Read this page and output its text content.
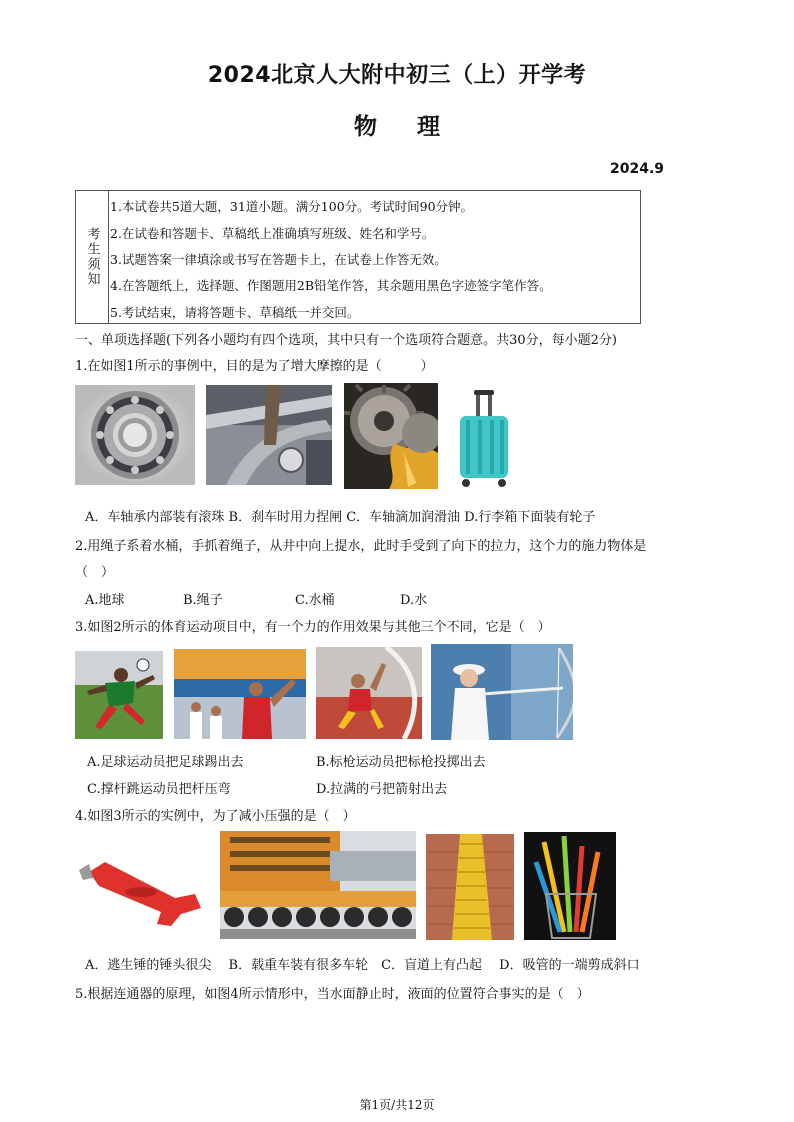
2024北京人大附中初三（上）开学考
物理
2024.9
考生须知
1.本试卷共5道大题，31道小题。满分100分。考试时间90分钟。
2.在试卷和答题卡、草稿纸上准确填写班级、姓名和学号。
3.试题答案一律填涂或书写在答题卡上，在试卷上作答无效。
4.在答题纸上，选择题、作图题用2B铅笔作答，其余题用黑色字迹签字笔作答。
5.考试结束，请将答题卡、草稿纸一并交回。
一、单项选择题(下列各小题均有四个选项，其中只有一个选项符合题意。共30分，每小题2分)
1.在如图1所示的事例中，目的是为了增大摩擦的是（　　　）
A．车轴承内部装有滚珠 B．刹车时用力捏闸 C．车轴滴加润滑油 D.行李箱下面装有轮子
2.用绳子系着水桶，手抓着绳子，从井中向上提水，此时手受到了向下的拉力，这个力的施力物体是
（　）
A.地球	B.绳子	C.水桶	D.水
3.如图2所示的体育运动项目中，有一个力的作用效果与其他三个不同，它是（　）
A.足球运动员把足球踢出去	B.标枪运动员把标枪投掷出去
C.撑杆跳运动员把杆压弯	D.拉满的弓把箭射出去
4.如图3所示的实例中，为了减小压强的是（　）
A．逃生锤的锤头很尖　 B．载重车装有很多车轮　C．盲道上有凸起　 D．吸管的一端剪成斜口
5.根据连通器的原理，如图4所示情形中，当水面静止时，液面的位置符合事实的是（　）
第1页/共12页
